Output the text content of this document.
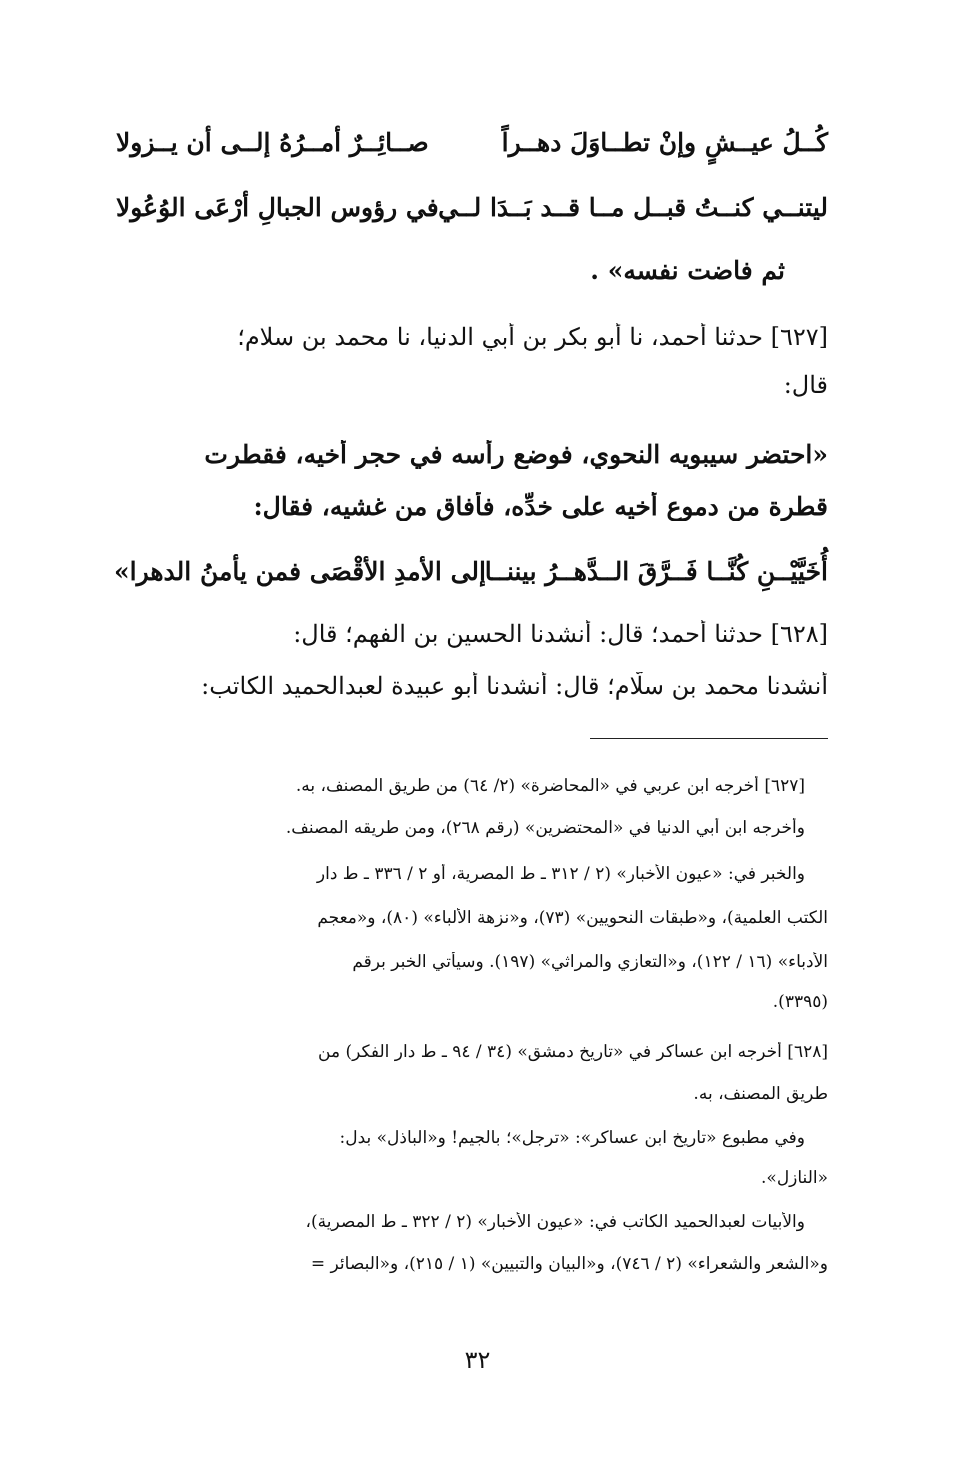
كُــلُ عيــشٍ وإنْ تطــاوَلَ دهــراً
صــائِــرٌ أمــرُهُ إلــى أن يــزولا
ليتنــي كنــتُ قبــل مــا قــد بَــدَا لــي
في رؤوس الجبالِ أرْعَى الوُعُولا
ثم فاضت نفسه» .
[٦٢٧] حدثنا أحمد، نا أبو بكر بن أبي الدنيا، نا محمد بن سلام؛
قال:
«احتضر سيبويه النحوي، فوضع رأسه في حجر أخيه، فقطرت
قطرة من دموع أخيه على خدِّه، فأفاق من غشيه، فقال:
أُخَيَّيْــنِ كُنَّــا فَــرَّقَ الــدَّهــرُ بيننــا
إلى الأمدِ الأقْصَى فمن يأمنُ الدهرا»
[٦٢٨] حدثنا أحمد؛ قال: أنشدنا الحسين بن الفهم؛ قال:
أنشدنا محمد بن سلّام؛ قال: أنشدنا أبو عبيدة لعبدالحميد الكاتب:
[٦٢٧] أخرجه ابن عربي في «المحاضرة» (٢/ ٦٤) من طريق المصنف، به.
وأخرجه ابن أبي الدنيا في «المحتضرين» (رقم ٢٦٨)، ومن طريقه المصنف.
والخبر في: «عيون الأخبار» (٢ / ٣١٢ ـ ط المصرية، أو ٢ / ٣٣٦ ـ ط دار
الكتب العلمية)، و«طبقات النحويين» (٧٣)، و«نزهة الألباء» (٨٠)، و«معجم
الأدباء» (١٦ / ١٢٢)، و«التعازي والمراثي» (١٩٧). وسيأتي الخبر برقم
(٣٣٩٥).
[٦٢٨] أخرجه ابن عساكر في «تاريخ دمشق» (٣٤ / ٩٤ ـ ط دار الفكر) من
طريق المصنف، به.
وفي مطبوع «تاريخ ابن عساكر»: «ترجل»؛ بالجيم! و«الباذل» بدل:
«النازل».
والأبيات لعبدالحميد الكاتب في: «عيون الأخبار» (٢ / ٣٢٢ ـ ط المصرية)،
و«الشعر والشعراء» (٢ / ٧٤٦)، و«البيان والتبيين» (١ / ٢١٥)، و«البصائر =
٣٢
